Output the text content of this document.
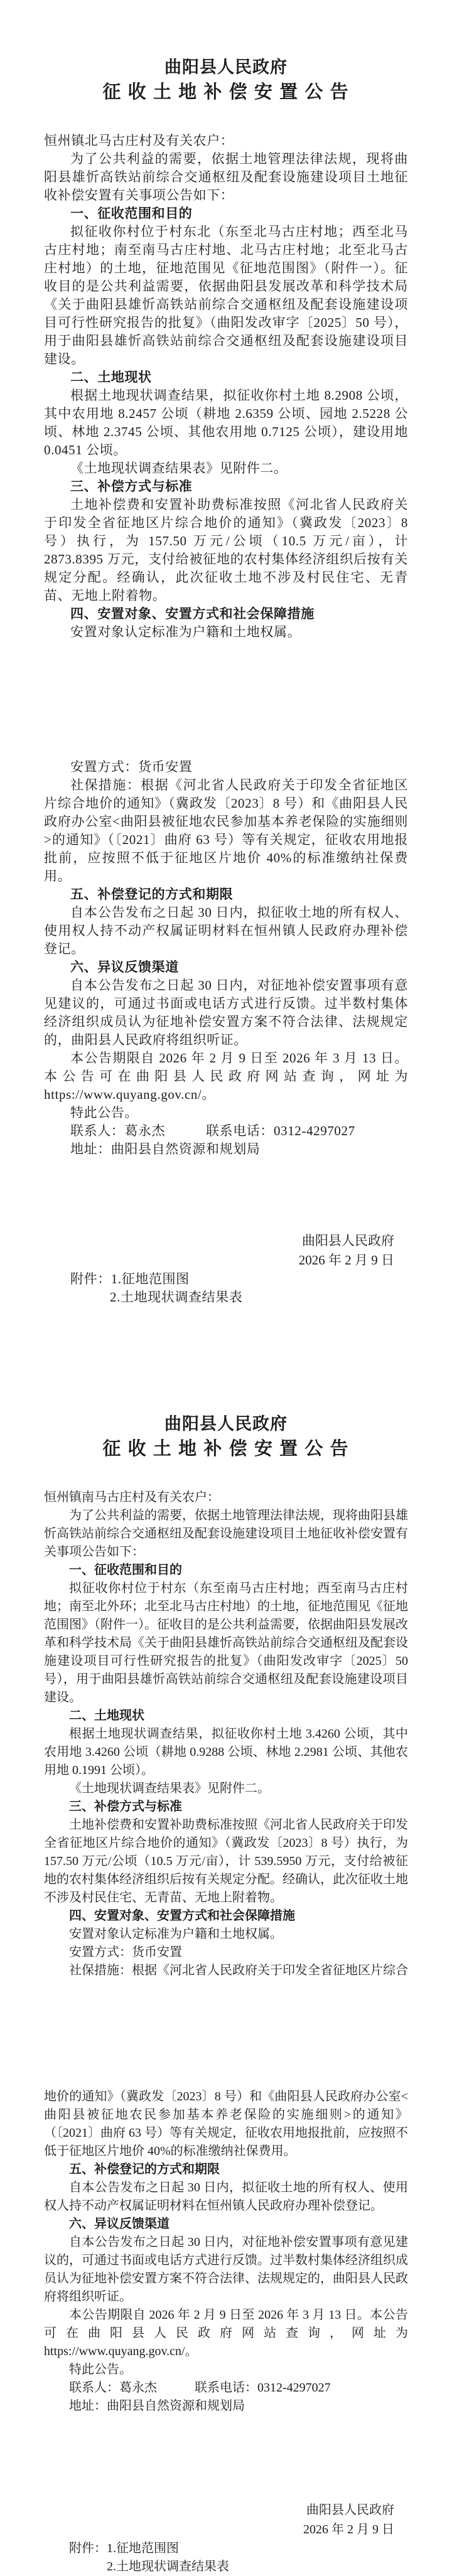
曲阳县人民政府
征 收 土 地 补 偿 安 置 公 告

恒州镇北马古庄村及有关农户：

为了公共利益的需要，依据土地管理法律法规，现将曲阳县雄忻高铁站前综合交通枢纽及配套设施建设项目土地征收补偿安置有关事项公告如下：

一、征收范围和目的

拟征收你村位于村东北（东至北马古庄村地；西至北马古庄村地；南至南马古庄村地、北马古庄村地；北至北马古庄村地）的土地，征地范围见《征地范围图》（附件一）。征收目的是公共利益需要，依据曲阳县发展改革和科学技术局《关于曲阳县雄忻高铁站前综合交通枢纽及配套设施建设项目可行性研究报告的批复》（曲阳发改审字〔2025〕50 号），用于曲阳县雄忻高铁站前综合交通枢纽及配套设施建设项目建设。

二、土地现状

根据土地现状调查结果，拟征收你村土地 8.2908 公顷，其中农用地 8.2457 公顷（耕地 2.6359 公顷、园地 2.5228 公顷、林地 2.3745 公顷、其他农用地 0.7125 公顷），建设用地 0.0451 公顷。

《土地现状调查结果表》见附件二。

三、补偿方式与标准

土地补偿费和安置补助费标准按照《河北省人民政府关于印发全省征地区片综合地价的通知》（冀政发〔2023〕8 号）执行，为 157.50 万元/公顷（10.5 万元/亩），计 2873.8395 万元，支付给被征地的农村集体经济组织后按有关规定分配。经确认，此次征收土地不涉及村民住宅、无青苗、无地上附着物。

四、安置对象、安置方式和社会保障措施

安置对象认定标准为户籍和土地权属。

安置方式：货币安置

社保措施：根据《河北省人民政府关于印发全省征地区片综合地价的通知》（冀政发〔2023〕8 号）和《曲阳县人民政府办公室<曲阳县被征地农民参加基本养老保险的实施细则>的通知》（〔2021〕曲府 63 号）等有关规定，征收农用地报批前，应按照不低于征地区片地价 40%的标准缴纳社保费用。

五、补偿登记的方式和期限

自本公告发布之日起 30 日内，拟征收土地的所有权人、使用权人持不动产权属证明材料在恒州镇人民政府办理补偿登记。

六、异议反馈渠道

自本公告发布之日起 30 日内，对征地补偿安置事项有意见建议的，可通过书面或电话方式进行反馈。过半数村集体经济组织成员认为征地补偿安置方案不符合法律、法规规定的，曲阳县人民政府将组织听证。

本公告期限自 2026 年 2 月 9 日至 2026 年 3 月 13 日。本公告可在曲阳县人民政府网站查询，网址为 https://www.quyang.gov.cn/。

特此公告。

联系人：葛永杰　　　联系电话：0312-4297027

地址：曲阳县自然资源和规划局

曲阳县人民政府

2026 年 2 月 9 日

附件：1.征地范围图

2.土地现状调查结果表

曲阳县人民政府
征 收 土 地 补 偿 安 置 公 告

恒州镇南马古庄村及有关农户：

为了公共利益的需要，依据土地管理法律法规，现将曲阳县雄忻高铁站前综合交通枢纽及配套设施建设项目土地征收补偿安置有关事项公告如下：

一、征收范围和目的

拟征收你村位于村东（东至南马古庄村地；西至南马古庄村地；南至北外环；北至北马古庄村地）的土地，征地范围见《征地范围图》（附件一）。征收目的是公共利益需要，依据曲阳县发展改革和科学技术局《关于曲阳县雄忻高铁站前综合交通枢纽及配套设施建设项目可行性研究报告的批复》（曲阳发改审字〔2025〕50 号），用于曲阳县雄忻高铁站前综合交通枢纽及配套设施建设项目建设。

二、土地现状

根据土地现状调查结果，拟征收你村土地 3.4260 公顷，其中农用地 3.4260 公顷（耕地 0.9288 公顷、林地 2.2981 公顷、其他农用地 0.1991 公顷）。

《土地现状调查结果表》见附件二。

三、补偿方式与标准

土地补偿费和安置补助费标准按照《河北省人民政府关于印发全省征地区片综合地价的通知》（冀政发〔2023〕8 号）执行，为 157.50 万元/公顷（10.5 万元/亩），计 539.5950 万元，支付给被征地的农村集体经济组织后按有关规定分配。经确认，此次征收土地不涉及村民住宅、无青苗、无地上附着物。

四、安置对象、安置方式和社会保障措施

安置对象认定标准为户籍和土地权属。

安置方式：货币安置

社保措施：根据《河北省人民政府关于印发全省征地区片综合

地价的通知》（冀政发〔2023〕8 号）和《曲阳县人民政府办公室<曲阳县被征地农民参加基本养老保险的实施细则>的通知》（〔2021〕曲府 63 号）等有关规定，征收农用地报批前，应按照不低于征地区片地价 40%的标准缴纳社保费用。

五、补偿登记的方式和期限

自本公告发布之日起 30 日内，拟征收土地的所有权人、使用权人持不动产权属证明材料在恒州镇人民政府办理补偿登记。

六、异议反馈渠道

自本公告发布之日起 30 日内，对征地补偿安置事项有意见建议的，可通过书面或电话方式进行反馈。过半数村集体经济组织成员认为征地补偿安置方案不符合法律、法规规定的，曲阳县人民政府将组织听证。

本公告期限自 2026 年 2 月 9 日至 2026 年 3 月 13 日。本公告可在曲阳县人民政府网站查询，网址为 https://www.quyang.gov.cn/。

特此公告。

联系人：葛永杰　　　联系电话：0312-4297027

地址：曲阳县自然资源和规划局

曲阳县人民政府

2026 年 2 月 9 日

附件：1.征地范围图

2.土地现状调查结果表
